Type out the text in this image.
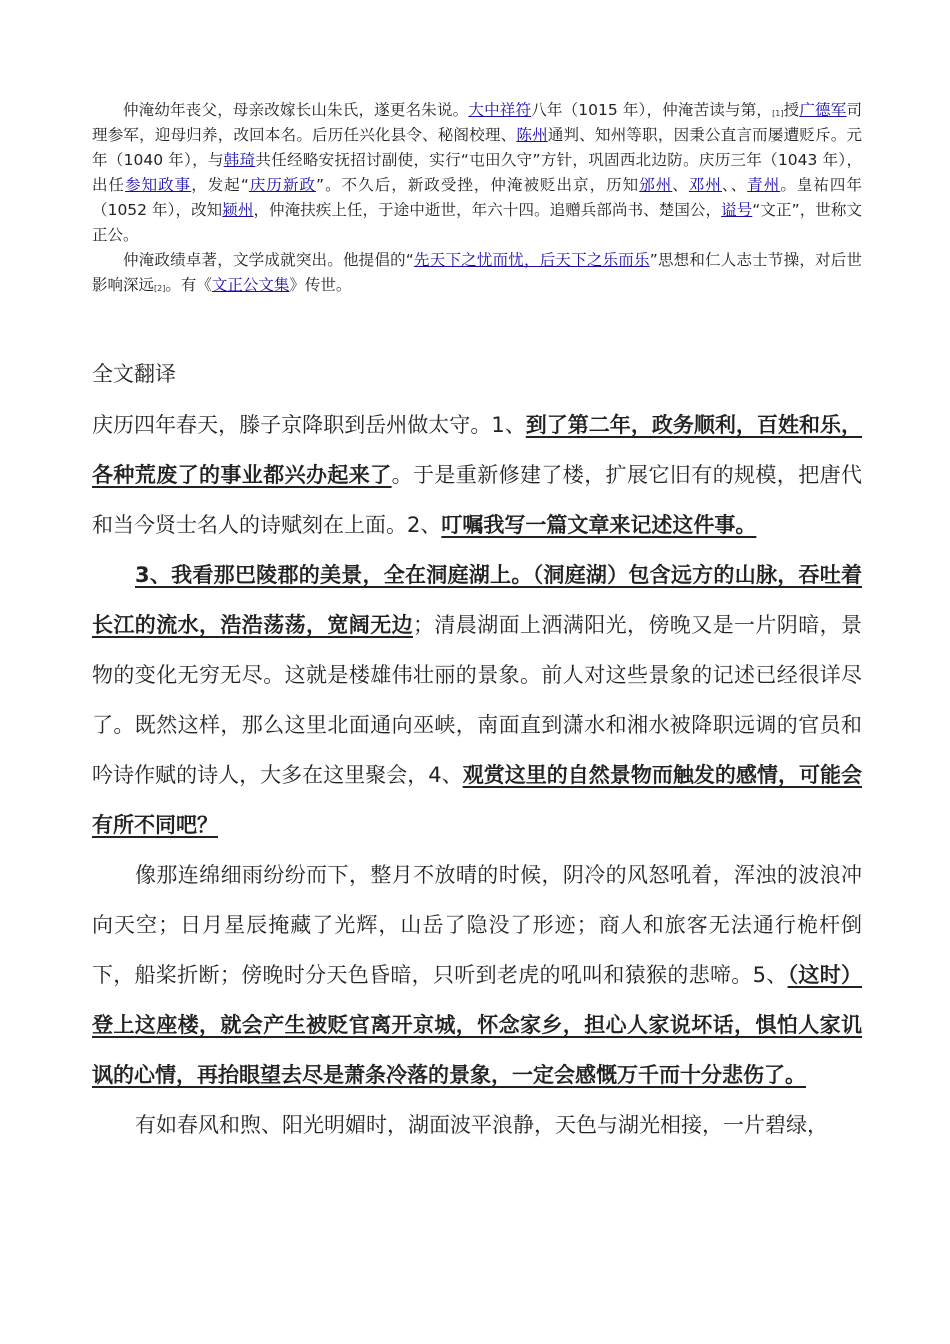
仲淹幼年丧父，母亲改嫁长山朱氏，遂更名朱说。大中祥符八年（1015 年），仲淹苦读与第，[1]授广德军司理参军，迎母归养，改回本名。后历任兴化县令、秘阁校理、陈州通判、知州等职，因秉公直言而屡遭贬斥。元年（1040 年），与韩琦共任经略安抚招讨副使，实行“屯田久守”方针，巩固西北边防。庆历三年（1043 年），出任参知政事，发起“庆历新政”。不久后，新政受挫，仲淹被贬出京，历知邠州、邓州、、青州。皇祐四年（1052 年），改知颍州，仲淹扶疾上任，于途中逝世，年六十四。追赠兵部尚书、楚国公，谥号“文正”，世称文正公。

仲淹政绩卓著，文学成就突出。他提倡的“先天下之忧而忧，后天下之乐而乐”思想和仁人志士节操，对后世影响深远[2]。有《文正公文集》传世。

全文翻译

庆历四年春天，滕子京降职到岳州做太守。1、到了第二年，政务顺利，百姓和乐，各种荒废了的事业都兴办起来了。于是重新修建了楼，扩展它旧有的规模，把唐代和当今贤士名人的诗赋刻在上面。2、叮嘱我写一篇文章来记述这件事。

3、我看那巴陵郡的美景，全在洞庭湖上。（洞庭湖）包含远方的山脉，吞吐着长江的流水，浩浩荡荡，宽阔无边；清晨湖面上洒满阳光，傍晚又是一片阴暗，景物的变化无穷无尽。这就是楼雄伟壮丽的景象。前人对这些景象的记述已经很详尽了。既然这样，那么这里北面通向巫峡，南面直到潇水和湘水被降职远调的官员和吟诗作赋的诗人，大多在这里聚会，4、观赏这里的自然景物而触发的感情，可能会有所不同吧？

像那连绵细雨纷纷而下，整月不放晴的时候，阴冷的风怒吼着，浑浊的波浪冲向天空；日月星辰掩藏了光辉，山岳了隐没了形迹；商人和旅客无法通行桅杆倒下，船桨折断；傍晚时分天色昏暗，只听到老虎的吼叫和猿猴的悲啼。5、（这时）登上这座楼，就会产生被贬官离开京城，怀念家乡，担心人家说坏话，惧怕人家讥讽的心情，再抬眼望去尽是萧条冷落的景象，一定会感慨万千而十分悲伤了。

有如春风和煦、阳光明媚时，湖面波平浪静，天色与湖光相接，一片碧绿，
